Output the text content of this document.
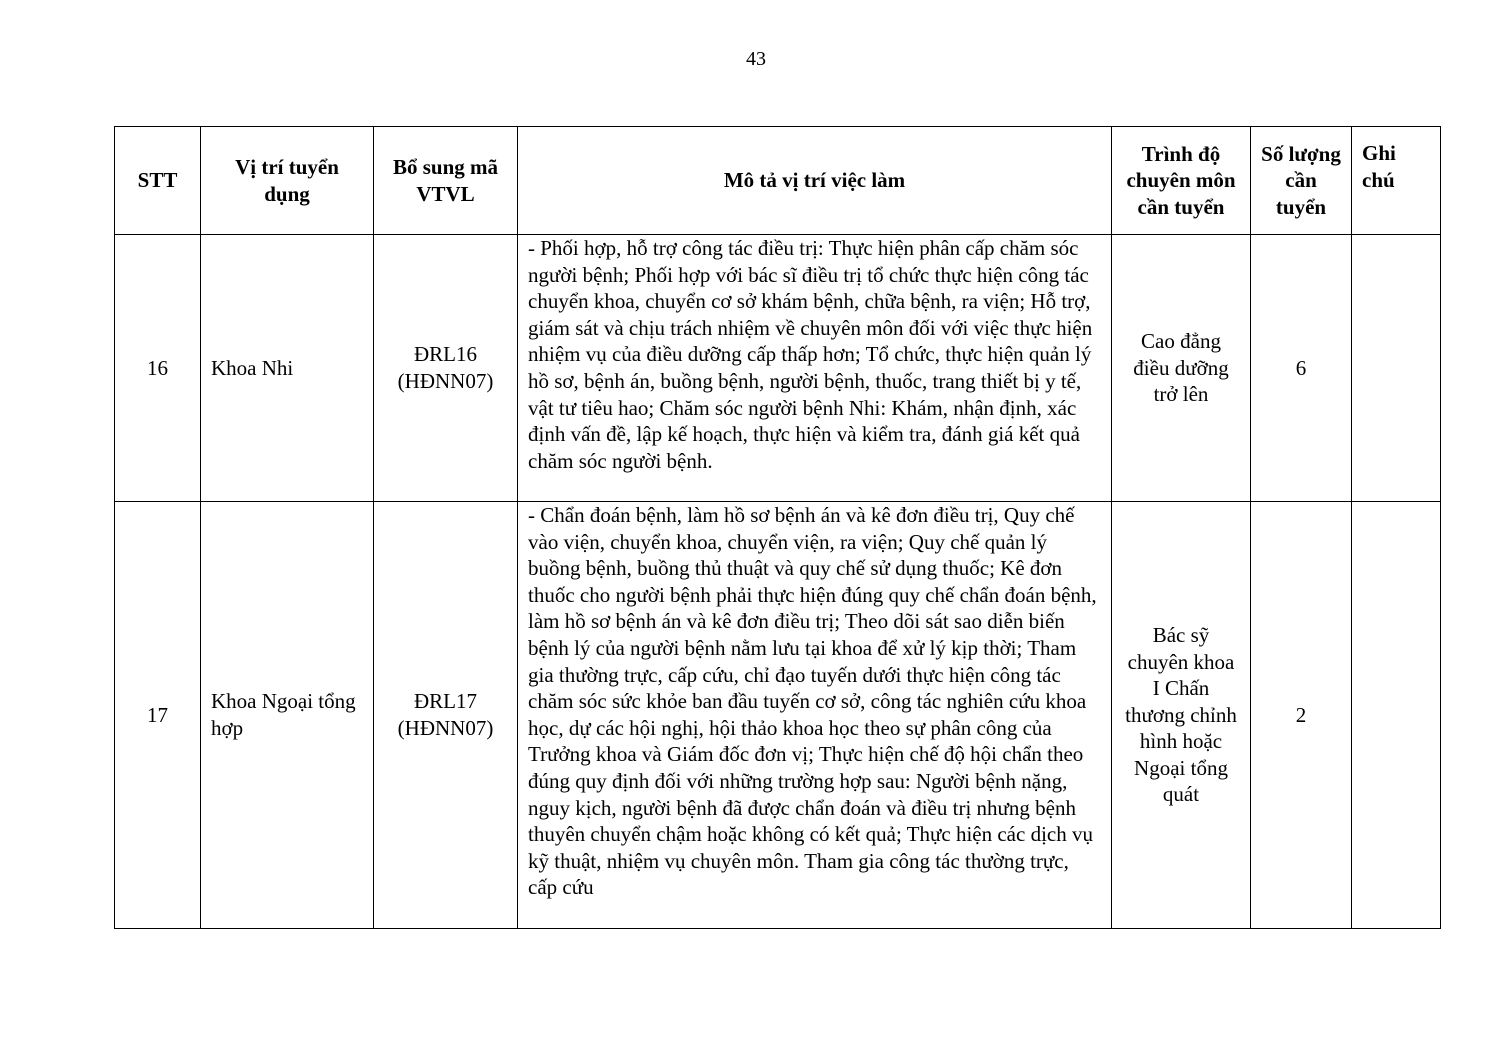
43
STT	Vị trí tuyển dụng	Bổ sung mã VTVL	Mô tả vị trí việc làm	Trình độ chuyên môn cần tuyển	Số lượng cần tuyển	Ghi chú
16	Khoa Nhi	ĐRL16 (HĐNN07)	- Phối hợp, hỗ trợ công tác điều trị: Thực hiện phân cấp chăm sóc người bệnh; Phối hợp với bác sĩ điều trị tổ chức thực hiện công tác chuyển khoa, chuyển cơ sở khám bệnh, chữa bệnh, ra viện; Hỗ trợ, giám sát và chịu trách nhiệm về chuyên môn đối với việc thực hiện nhiệm vụ của điều dưỡng cấp thấp hơn; Tổ chức, thực hiện quản lý hồ sơ, bệnh án, buồng bệnh, người bệnh, thuốc, trang thiết bị y tế, vật tư tiêu hao; Chăm sóc người bệnh Nhi: Khám, nhận định, xác định vấn đề, lập kế hoạch, thực hiện và kiểm tra, đánh giá kết quả chăm sóc người bệnh.	Cao đẳng điều dưỡng trở lên	6	
17	Khoa Ngoại tổng hợp	ĐRL17 (HĐNN07)	- Chẩn đoán bệnh, làm hồ sơ bệnh án và kê đơn điều trị, Quy chế vào viện, chuyển khoa, chuyển viện, ra viện; Quy chế quản lý buồng bệnh, buồng thủ thuật và quy chế sử dụng thuốc; Kê đơn thuốc cho người bệnh phải thực hiện đúng quy chế chẩn đoán bệnh, làm hồ sơ bệnh án và kê đơn điều trị; Theo dõi sát sao diễn biến bệnh lý của người bệnh nằm lưu tại khoa để xử lý kịp thời; Tham gia thường trực, cấp cứu, chỉ đạo tuyến dưới thực hiện công tác chăm sóc sức khỏe ban đầu tuyến cơ sở, công tác nghiên cứu khoa học, dự các hội nghị, hội thảo khoa học theo sự phân công của Trưởng khoa và Giám đốc đơn vị; Thực hiện chế độ hội chẩn theo đúng quy định đối với những trường hợp sau: Người bệnh nặng, nguy kịch, người bệnh đã được chẩn đoán và điều trị nhưng bệnh thuyên chuyển chậm hoặc không có kết quả; Thực hiện các dịch vụ kỹ thuật, nhiệm vụ chuyên môn. Tham gia công tác thường trực, cấp cứu	Bác sỹ chuyên khoa I Chấn thương chỉnh hình hoặc Ngoại tổng quát	2	
